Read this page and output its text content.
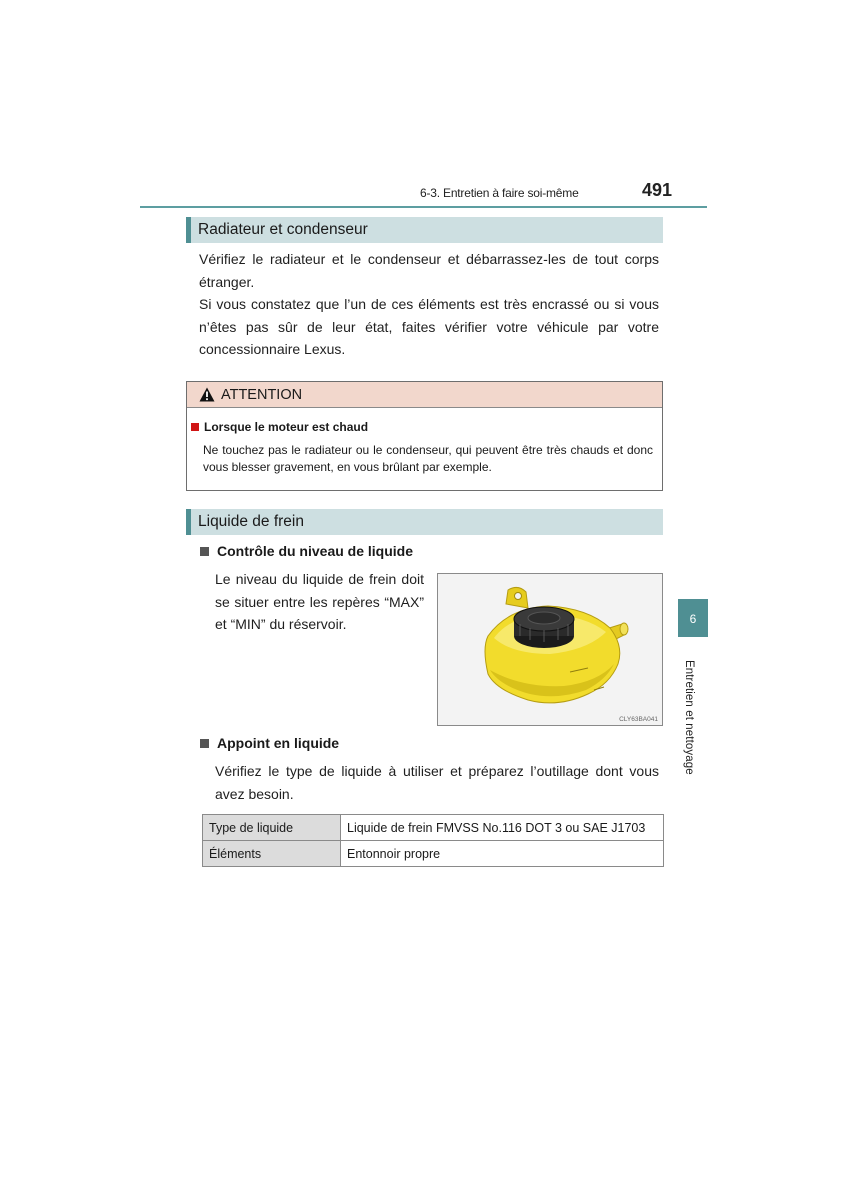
6-3. Entretien à faire soi-même	491
Radiateur et condenseur
Vérifiez le radiateur et le condenseur et débarrassez-les de tout corps étranger.
Si vous constatez que l’un de ces éléments est très encrassé ou si vous n’êtes pas sûr de leur état, faites vérifier votre véhicule par votre concessionnaire Lexus.
ATTENTION
Lorsque le moteur est chaud
Ne touchez pas le radiateur ou le condenseur, qui peuvent être très chauds et donc vous blesser gravement, en vous brûlant par exemple.
Liquide de frein
Contrôle du niveau de liquide
Le niveau du liquide de frein doit se situer entre les repères “MAX” et “MIN” du réservoir.
CLY63BA041
Appoint en liquide
Vérifiez le type de liquide à utiliser et préparez l’outillage dont vous avez besoin.
Type de liquide	Liquide de frein FMVSS No.116 DOT 3 ou SAE J1703
Éléments	Entonnoir propre
6
Entretien et nettoyage
